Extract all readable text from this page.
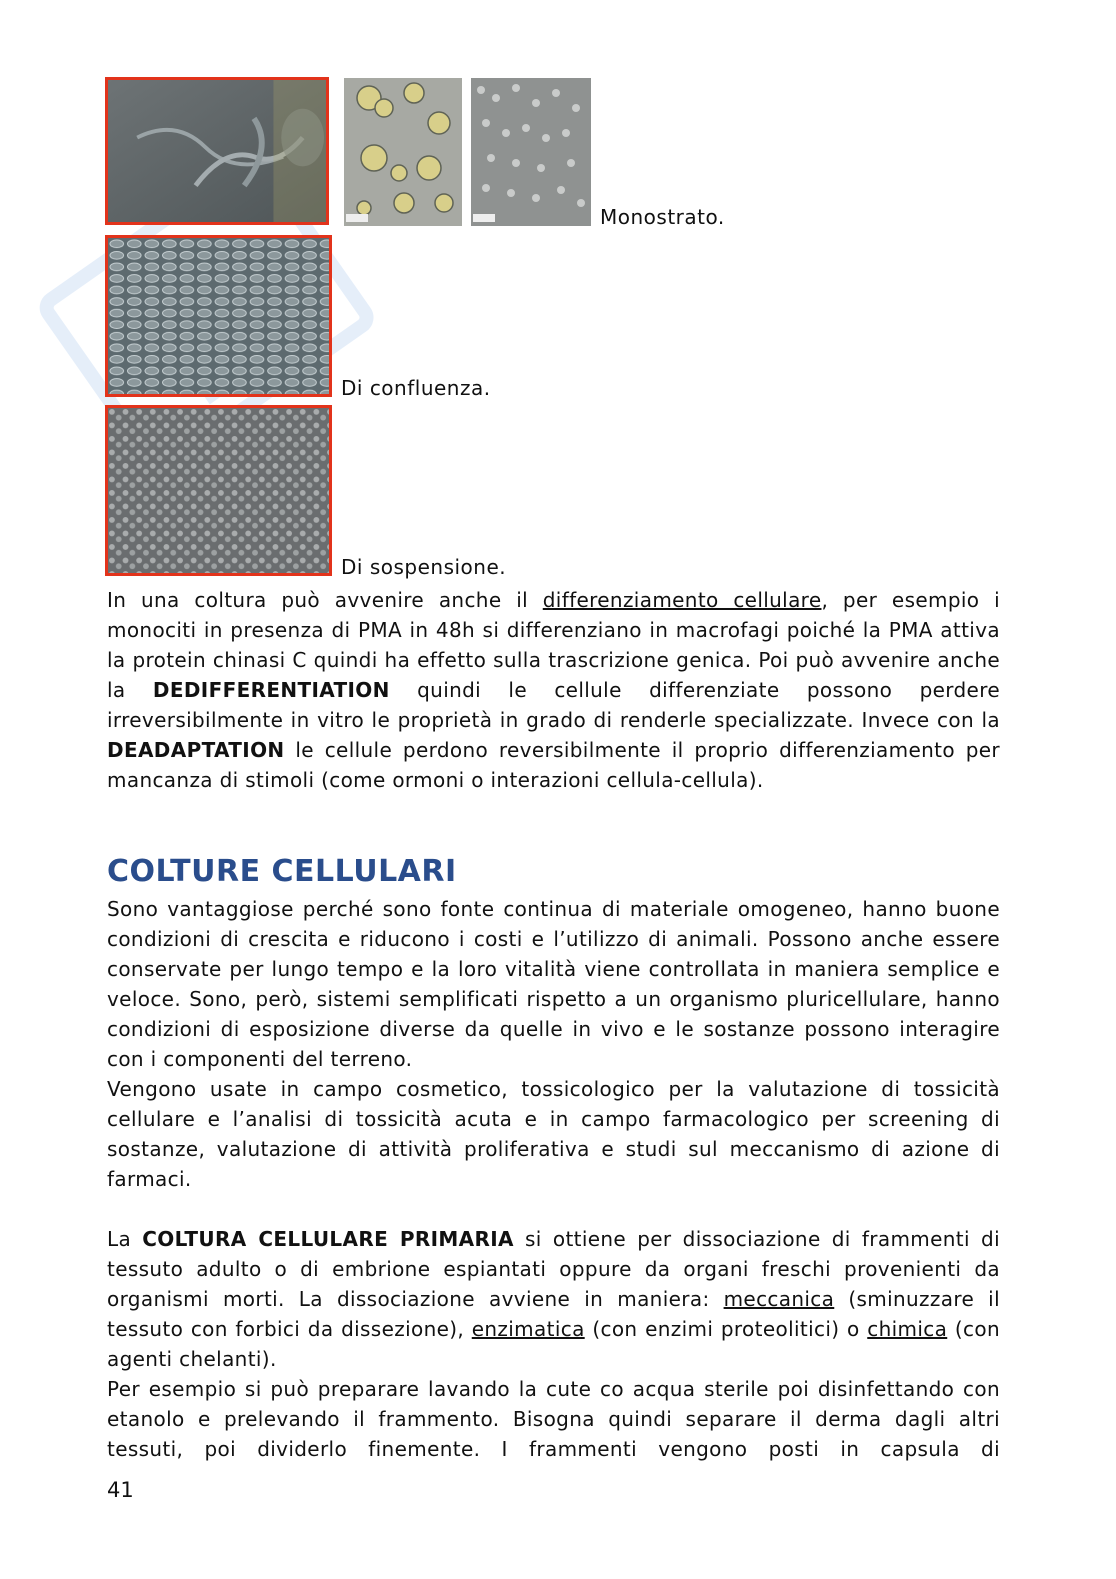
Monostrato.
Di confluenza.
Di sospensione.

In una coltura può avvenire anche il differenziamento cellulare, per esempio i monociti in presenza di PMA in 48h si differenziano in macrofagi poiché la PMA attiva la protein chinasi C quindi ha effetto sulla trascrizione genica. Poi può avvenire anche la DEDIFFERENTIATION quindi le cellule differenziate possono perdere irreversibilmente in vitro le proprietà in grado di renderle specializzate. Invece con la DEADAPTATION le cellule perdono reversibilmente il proprio differenziamento per mancanza di stimoli (come ormoni o interazioni cellula-cellula).

COLTURE CELLULARI

Sono vantaggiose perché sono fonte continua di materiale omogeneo, hanno buone condizioni di crescita e riducono i costi e l’utilizzo di animali. Possono anche essere conservate per lungo tempo e la loro vitalità viene controllata in maniera semplice e veloce. Sono, però, sistemi semplificati rispetto a un organismo pluricellulare, hanno condizioni di esposizione diverse da quelle in vivo e le sostanze possono interagire con i componenti del terreno.

Vengono usate in campo cosmetico, tossicologico per la valutazione di tossicità cellulare e l’analisi di tossicità acuta e in campo farmacologico per screening di sostanze, valutazione di attività proliferativa e studi sul meccanismo di azione di farmaci.

La COLTURA CELLULARE PRIMARIA si ottiene per dissociazione di frammenti di tessuto adulto o di embrione espiantati oppure da organi freschi provenienti da organismi morti. La dissociazione avviene in maniera: meccanica (sminuzzare il tessuto con forbici da dissezione), enzimatica (con enzimi proteolitici) o chimica (con agenti chelanti).

Per esempio si può preparare lavando la cute co acqua sterile poi disinfettando con etanolo e prelevando il frammento. Bisogna quindi separare il derma dagli altri tessuti, poi dividerlo finemente. I frammenti vengono posti in capsula di

41
